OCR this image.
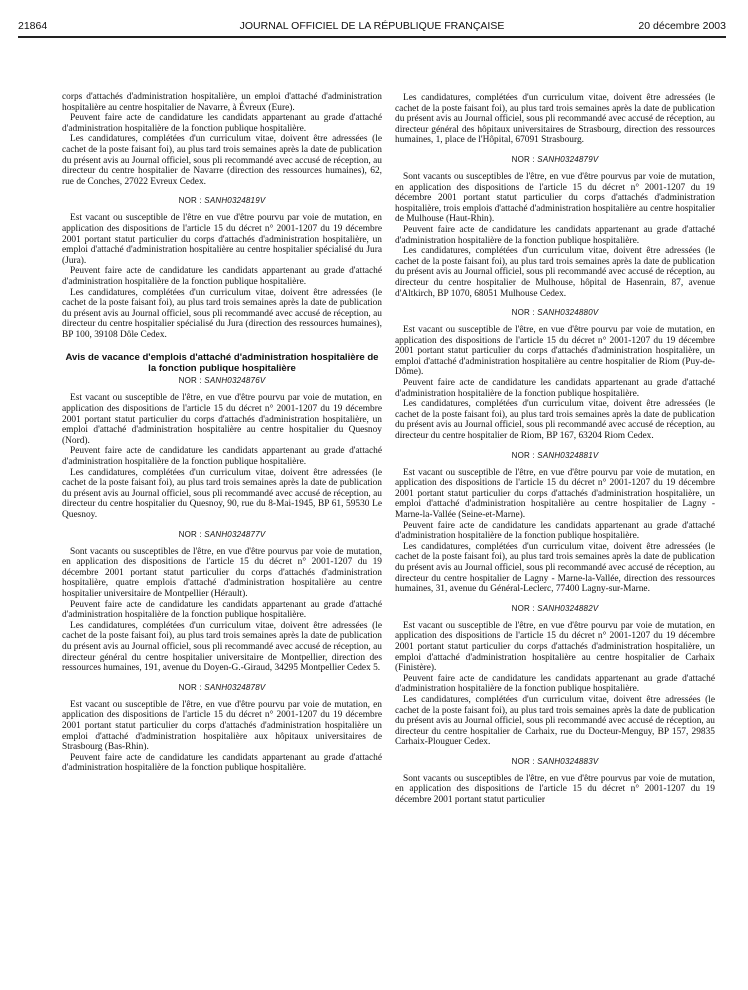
21864	JOURNAL OFFICIEL DE LA RÉPUBLIQUE FRANÇAISE	20 décembre 2003

corps d'attachés d'administration hospitalière, un emploi d'attaché d'administration hospitalière au centre hospitalier de Navarre, à Évreux (Eure).

Peuvent faire acte de candidature les candidats appartenant au grade d'attaché d'administration hospitalière de la fonction publique hospitalière.

Les candidatures, complétées d'un curriculum vitae, doivent être adressées (le cachet de la poste faisant foi), au plus tard trois semaines après la date de publication du présent avis au Journal officiel, sous pli recommandé avec accusé de réception, au directeur du centre hospitalier de Navarre (direction des ressources humaines), 62, rue de Conches, 27022 Evreux Cedex.

NOR : SANH0324819V

Est vacant ou susceptible de l'être en vue d'être pourvu par voie de mutation, en application des dispositions de l'article 15 du décret n° 2001-1207 du 19 décembre 2001 portant statut particulier du corps d'attachés d'administration hospitalière, un emploi d'attaché d'administration hospitalière au centre hospitalier spécialisé du Jura (Jura).

Peuvent faire acte de candidature les candidats appartenant au grade d'attaché d'administration hospitalière de la fonction publique hospitalière.

Les candidatures, complétées d'un curriculum vitae, doivent être adressées (le cachet de la poste faisant foi), au plus tard trois semaines après la date de publication du présent avis au Journal officiel, sous pli recommandé avec accusé de réception, au directeur du centre hospitalier spécialisé du Jura (direction des ressources humaines), BP 100, 39108 Dôle Cedex.

Avis de vacance d'emplois d'attaché d'administration hospitalière de la fonction publique hospitalière
NOR : SANH0324876V

Est vacant ou susceptible de l'être, en vue d'être pourvu par voie de mutation, en application des dispositions de l'article 15 du décret n° 2001-1207 du 19 décembre 2001 portant statut particulier du corps d'attachés d'administration hospitalière, un emploi d'attaché d'administration hospitalière au centre hospitalier du Quesnoy (Nord).

Peuvent faire acte de candidature les candidats appartenant au grade d'attaché d'administration hospitalière de la fonction publique hospitalière.

Les candidatures, complétées d'un curriculum vitae, doivent être adressées (le cachet de la poste faisant foi), au plus tard trois semaines après la date de publication du présent avis au Journal officiel, sous pli recommandé avec accusé de réception, au directeur du centre hospitalier du Quesnoy, 90, rue du 8-Mai-1945, BP 61, 59530 Le Quesnoy.

NOR : SANH0324877V

Sont vacants ou susceptibles de l'être, en vue d'être pourvus par voie de mutation, en application des dispositions de l'article 15 du décret n° 2001-1207 du 19 décembre 2001 portant statut particulier du corps d'attachés d'administration hospitalière, quatre emplois d'attaché d'administration hospitalière au centre hospitalier universitaire de Montpellier (Hérault).

Peuvent faire acte de candidature les candidats appartenant au grade d'attaché d'administration hospitalière de la fonction publique hospitalière.

Les candidatures, complétées d'un curriculum vitae, doivent être adressées (le cachet de la poste faisant foi), au plus tard trois semaines après la date de publication du présent avis au Journal officiel, sous pli recommandé avec accusé de réception, au directeur général du centre hospitalier universitaire de Montpellier, direction des ressources humaines, 191, avenue du Doyen-G.-Giraud, 34295 Montpellier Cedex 5.

NOR : SANH0324878V

Est vacant ou susceptible de l'être, en vue d'être pourvu par voie de mutation, en application des dispositions de l'article 15 du décret n° 2001-1207 du 19 décembre 2001 portant statut particulier du corps d'attachés d'administration hospitalière un emploi d'attaché d'administration hospitalière aux hôpitaux universitaires de Strasbourg (Bas-Rhin).

Peuvent faire acte de candidature les candidats appartenant au grade d'attaché d'administration hospitalière de la fonction publique hospitalière.

Les candidatures, complétées d'un curriculum vitae, doivent être adressées (le cachet de la poste faisant foi), au plus tard trois semaines après la date de publication du présent avis au Journal officiel, sous pli recommandé avec accusé de réception, au directeur général des hôpitaux universitaires de Strasbourg, direction des ressources humaines, 1, place de l'Hôpital, 67091 Strasbourg.

NOR : SANH0324879V

Sont vacants ou susceptibles de l'être, en vue d'être pourvus par voie de mutation, en application des dispositions de l'article 15 du décret n° 2001-1207 du 19 décembre 2001 portant statut particulier du corps d'attachés d'administration hospitalière, trois emplois d'attaché d'administration hospitalière au centre hospitalier de Mulhouse (Haut-Rhin).

Peuvent faire acte de candidature les candidats appartenant au grade d'attaché d'administration hospitalière de la fonction publique hospitalière.

Les candidatures, complétées d'un curriculum vitae, doivent être adressées (le cachet de la poste faisant foi), au plus tard trois semaines après la date de publication du présent avis au Journal officiel, sous pli recommandé avec accusé de réception, au directeur du centre hospitalier de Mulhouse, hôpital de Hasenrain, 87, avenue d'Altkirch, BP 1070, 68051 Mulhouse Cedex.

NOR : SANH0324880V

Est vacant ou susceptible de l'être, en vue d'être pourvu par voie de mutation, en application des dispositions de l'article 15 du décret n° 2001-1207 du 19 décembre 2001 portant statut particulier du corps d'attachés d'administration hospitalière, un emploi d'attaché d'administration hospitalière au centre hospitalier de Riom (Puy-de-Dôme).

Peuvent faire acte de candidature les candidats appartenant au grade d'attaché d'administration hospitalière de la fonction publique hospitalière.

Les candidatures, complétées d'un curriculum vitae, doivent être adressées (le cachet de la poste faisant foi), au plus tard trois semaines après la date de publication du présent avis au Journal officiel, sous pli recommandé avec accusé de réception, au directeur du centre hospitalier de Riom, BP 167, 63204 Riom Cedex.

NOR : SANH0324881V

Est vacant ou susceptible de l'être, en vue d'être pourvu par voie de mutation, en application des dispositions de l'article 15 du décret n° 2001-1207 du 19 décembre 2001 portant statut particulier du corps d'attachés d'administration hospitalière, un emploi d'attaché d'administration hospitalière au centre hospitalier de Lagny - Marne-la-Vallée (Seine-et-Marne).

Peuvent faire acte de candidature les candidats appartenant au grade d'attaché d'administration hospitalière de la fonction publique hospitalière.

Les candidatures, complétées d'un curriculum vitae, doivent être adressées (le cachet de la poste faisant foi), au plus tard trois semaines après la date de publication du présent avis au Journal officiel, sous pli recommandé avec accusé de réception, au directeur du centre hospitalier de Lagny - Marne-la-Vallée, direction des ressources humaines, 31, avenue du Général-Leclerc, 77400 Lagny-sur-Marne.

NOR : SANH0324882V

Est vacant ou susceptible de l'être, en vue d'être pourvu par voie de mutation, en application des dispositions de l'article 15 du décret n° 2001-1207 du 19 décembre 2001 portant statut particulier du corps d'attachés d'administration hospitalière, un emploi d'attaché d'administration hospitalière au centre hospitalier de Carhaix (Finistère).

Peuvent faire acte de candidature les candidats appartenant au grade d'attaché d'administration hospitalière de la fonction publique hospitalière.

Les candidatures, complétées d'un curriculum vitae, doivent être adressées (le cachet de la poste faisant foi), au plus tard trois semaines après la date de publication du présent avis au Journal officiel, sous pli recommandé avec accusé de réception, au directeur du centre hospitalier de Carhaix, rue du Docteur-Menguy, BP 157, 29835 Carhaix-Plouguer Cedex.

NOR : SANH0324883V

Sont vacants ou susceptibles de l'être, en vue d'être pourvus par voie de mutation, en application des dispositions de l'article 15 du décret n° 2001-1207 du 19 décembre 2001 portant statut particulier
